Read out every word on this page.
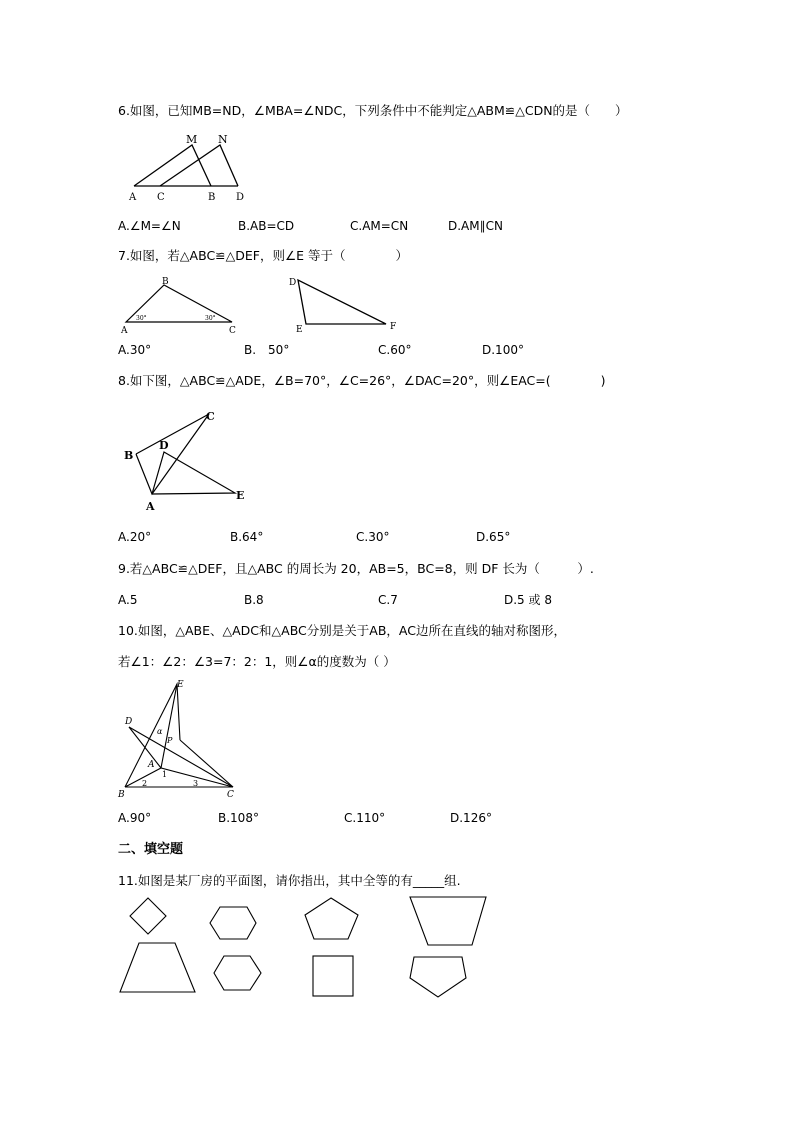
6.如图，已知MB=ND，∠MBA=∠NDC，下列条件中不能判定△ABM≌△CDN的是（　　）
M N
A C	B D
A.∠M=∠N	B.AB=CD	C.AM=CN	D.AM∥CN
7.如图，若△ABC≌△DEF，则∠E 等于（　　　　）
B
A	C
30°	30°
D
E	F
A.30°	B.　50°	C.60°	D.100°
8.如下图，△ABC≌△ADE，∠B=70°，∠C=26°，∠DAC=20°，则∠EAC=(　　　　)
C
D
B
E
A
A.20°	B.64°	C.30°	D.65°
9.若△ABC≌△DEF，且△ABC 的周长为 20，AB=5，BC=8，则 DF 长为（　　　）.
A.5	B.8	C.7	D.5 或 8
10.如图，△ABE、△ADC和△ABC分别是关于AB，AC边所在直线的轴对称图形，
若∠1：∠2：∠3=7：2：1，则∠α的度数为（ ）
E
D
α
P
A
1
2	3
B	C
A.90°	B.108°	C.110°	D.126°
二、填空题
11.如图是某厂房的平面图，请你指出，其中全等的有_____组.
